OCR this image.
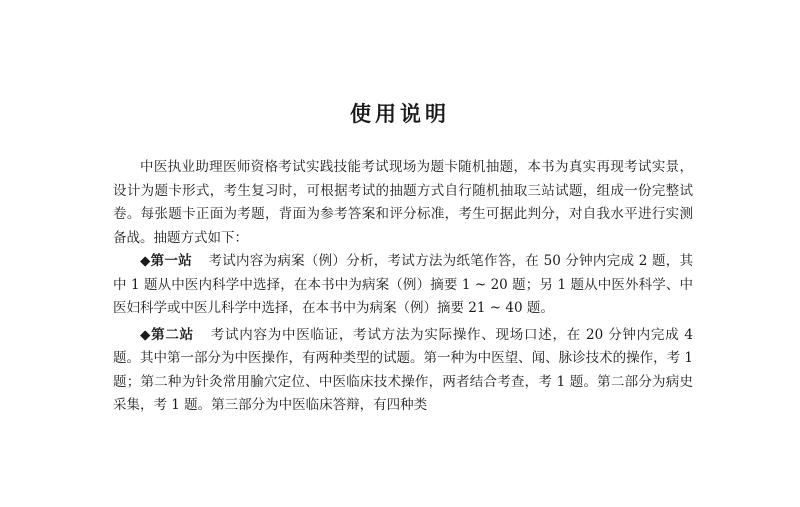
使用说明

中医执业助理医师资格考试实践技能考试现场为题卡随机抽题，本书为真实再现考试实景，设计为题卡形式，考生复习时，可根据考试的抽题方式自行随机抽取三站试题，组成一份完整试卷。每张题卡正面为考题，背面为参考答案和评分标准，考生可据此判分，对自我水平进行实测备战。抽题方式如下：

◆第一站 考试内容为病案（例）分析，考试方法为纸笔作答，在 50 分钟内完成 2 题，其中 1 题从中医内科学中选择，在本书中为病案（例）摘要 1 ~ 20 题；另 1 题从中医外科学、中医妇科学或中医儿科学中选择，在本书中为病案（例）摘要 21 ~ 40 题。

◆第二站 考试内容为中医临证，考试方法为实际操作、现场口述，在 20 分钟内完成 4 题。其中第一部分为中医操作，有两种类型的试题。第一种为中医望、闻、脉诊技术的操作，考 1 题；第二种为针灸常用腧穴定位、中医临床技术操作，两者结合考查，考 1 题。第二部分为病史采集，考 1 题。第三部分为中医临床答辩，有四种类
